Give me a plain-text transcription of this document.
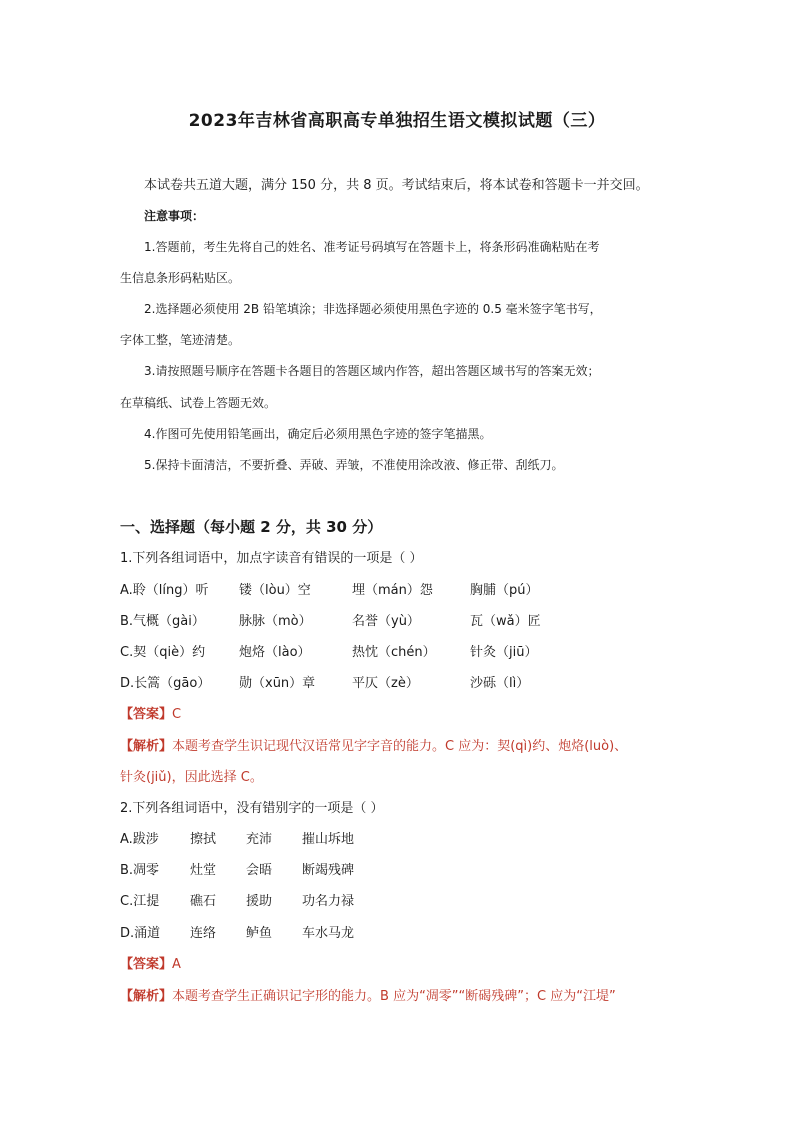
2023年吉林省高职高专单独招生语文模拟试题（三）
本试卷共五道大题，满分 150 分，共 8 页。考试结束后，将本试卷和答题卡一并交回。
注意事项：
1.答题前，考生先将自己的姓名、准考证号码填写在答题卡上，将条形码准确粘贴在考
生信息条形码粘贴区。
2.选择题必须使用 2B 铅笔填涂；非选择题必须使用黑色字迹的 0.5 毫米签字笔书写，
字体工整，笔迹清楚。
3.请按照题号顺序在答题卡各题目的答题区域内作答，超出答题区域书写的答案无效；
在草稿纸、试卷上答题无效。
4.作图可先使用铅笔画出，确定后必须用黑色字迹的签字笔描黑。
5.保持卡面清洁，不要折叠、弄破、弄皱，不准使用涂改液、修正带、刮纸刀。
一、选择题（每小题 2 分，共 30 分）
1.下列各组词语中，加点字读音有错误的一项是（ ）
A.聆（líng）听 镂（lòu）空	埋（mán）怨	胸脯（pú）
B.气概（gài）	脉脉（mò）	名誉（yù）	瓦（wǎ）匠
C.契（qiè）约	炮烙（lào）	热忱（chén）	针灸（jiū）
D.长篙（gāo） 勋（xūn）章	平仄（zè）	沙砾（lì）
【答案】C
【解析】本题考查学生识记现代汉语常见字字音的能力。C 应为：契(qì)约、炮烙(luò)、
针灸(jiǔ)，因此选择 C。
2.下列各组词语中，没有错别字的一项是（ ）
A.跋涉 擦拭 充沛 摧山坼地
B.凋零 灶堂 会晤 断竭残碑
C.江提 礁石 援助 功名力禄
D.涌道 连络 鲈鱼 车水马龙
【答案】A
【解析】本题考查学生正确识记字形的能力。B 应为“凋零”“断碣残碑”；C 应为“江堤”
